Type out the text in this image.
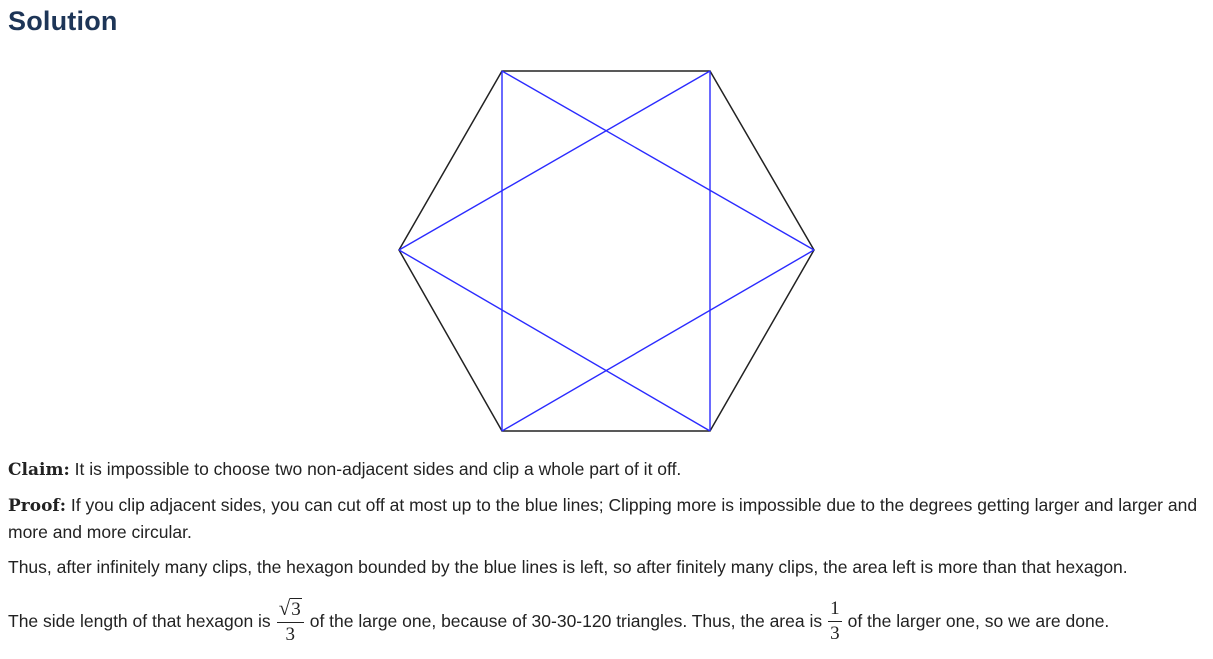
Solution

Claim: It is impossible to choose two non-adjacent sides and clip a whole part of it off.

Proof: If you clip adjacent sides, you can cut off at most up to the blue lines; Clipping more is impossible due to the degrees getting larger and larger and more and more circular.

Thus, after infinitely many clips, the hexagon bounded by the blue lines is left, so after finitely many clips, the area left is more than that hexagon.

The side length of that hexagon is $\frac{√3}{3}$ of the large one, because of 30-30-120 triangles. Thus, the area is $\frac{1}{3}$ of the larger one, so we are done.
